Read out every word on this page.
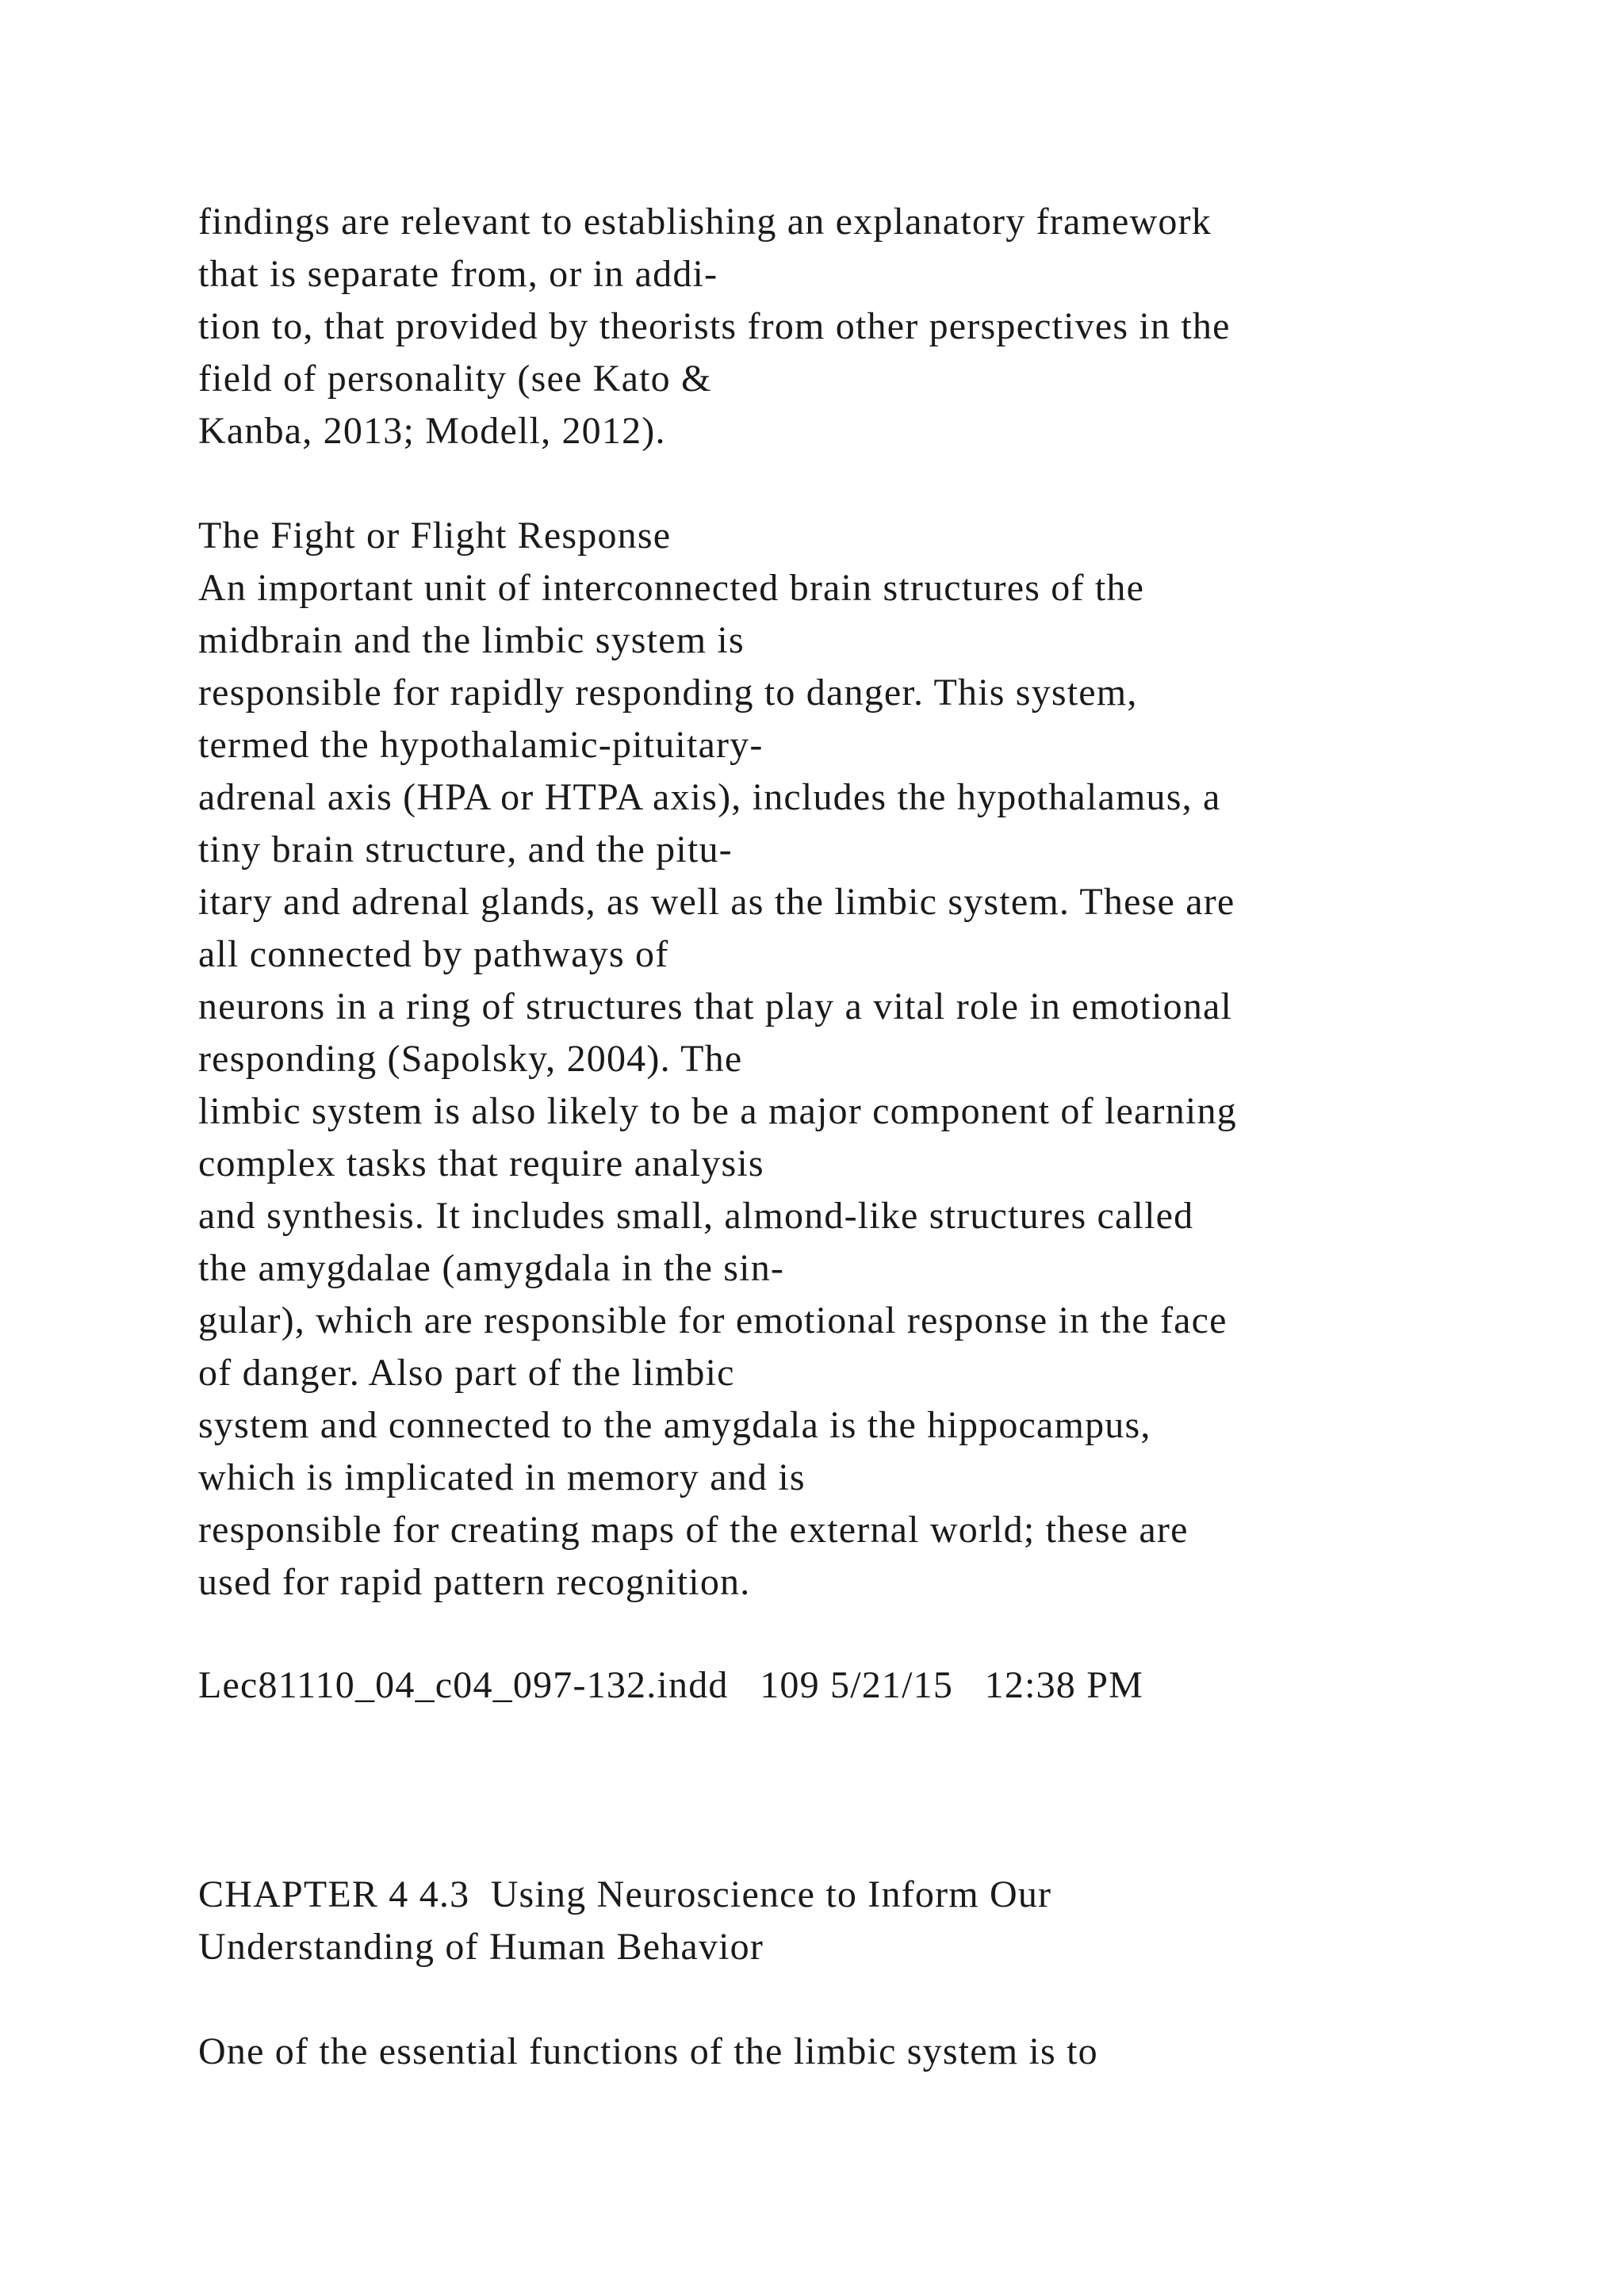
findings are relevant to establishing an explanatory framework
that is separate from, or in addi-
tion to, that provided by theorists from other perspectives in the
field of personality (see Kato &
Kanba, 2013; Modell, 2012).

The Fight or Flight Response

An important unit of interconnected brain structures of the
midbrain and the limbic system is
responsible for rapidly responding to danger. This system,
termed the hypothalamic-pituitary-
adrenal axis (HPA or HTPA axis), includes the hypothalamus, a
tiny brain structure, and the pitu-
itary and adrenal glands, as well as the limbic system. These are
all connected by pathways of
neurons in a ring of structures that play a vital role in emotional
responding (Sapolsky, 2004). The
limbic system is also likely to be a major component of learning
complex tasks that require analysis
and synthesis. It includes small, almond-like structures called
the amygdalae (amygdala in the sin-
gular), which are responsible for emotional response in the face
of danger. Also part of the limbic
system and connected to the amygdala is the hippocampus,
which is implicated in memory and is
responsible for creating maps of the external world; these are
used for rapid pattern recognition.

Lec81110_04_c04_097-132.indd   109 5/21/15   12:38 PM

CHAPTER 4 4.3  Using Neuroscience to Inform Our
Understanding of Human Behavior

One of the essential functions of the limbic system is to
